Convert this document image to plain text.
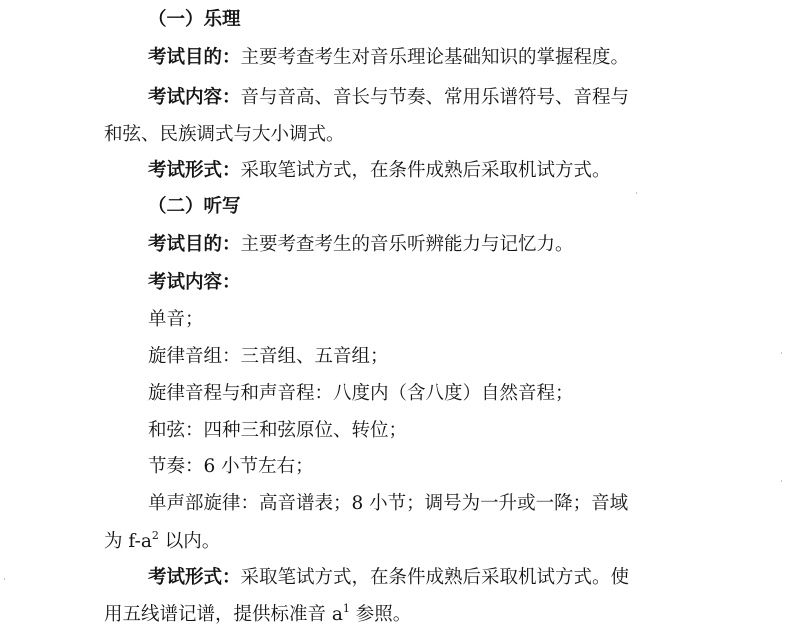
（一）乐理
考试目的：主要考查考生对音乐理论基础知识的掌握程度。
考试内容：音与音高、音长与节奏、常用乐谱符号、音程与
和弦、民族调式与大小调式。
考试形式：采取笔试方式，在条件成熟后采取机试方式。
（二）听写
考试目的：主要考查考生的音乐听辨能力与记忆力。
考试内容：
单音；
旋律音组：三音组、五音组；
旋律音程与和声音程：八度内（含八度）自然音程；
和弦：四种三和弦原位、转位；
节奏：6 小节左右；
单声部旋律：高音谱表；8 小节；调号为一升或一降；音域
为 $f-a^2$ 以内。
考试形式：采取笔试方式，在条件成熟后采取机试方式。使
用五线谱记谱，提供标准音 $a^1$ 参照。
